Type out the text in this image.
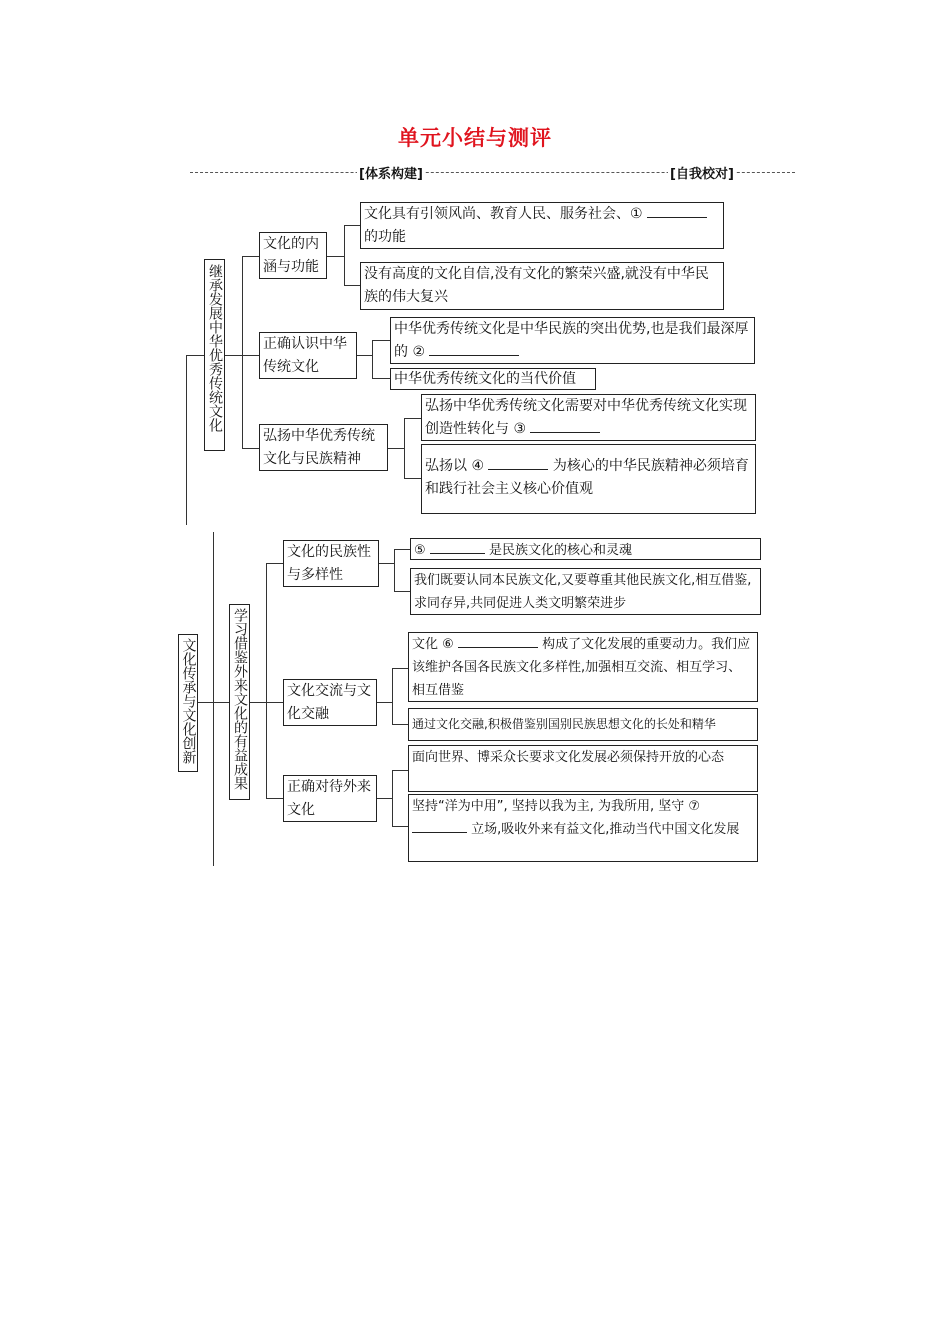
单元小结与测评
[体系构建]	[自我校对]
继承发展中华优秀传统文化
文化的内涵与功能
文化具有引领风尚、教育人民、服务社会、①
的功能
没有高度的文化自信,没有文化的繁荣兴盛,就没有中华民族的伟大复兴
正确认识中华传统文化
中华优秀传统文化是中华民族的突出优势,也是我们最深厚的 ②
中华优秀传统文化的当代价值
弘扬中华优秀传统文化与民族精神
弘扬中华优秀传统文化需要对中华优秀传统文化实现创造性转化与 ③
弘扬以 ④	为核心的中华民族精神必须培育和践行社会主义核心价值观
文化传承与文化创新	学习借鉴外来文化的有益成果
文化的民族性与多样性
⑤	是民族文化的核心和灵魂
我们既要认同本民族文化,又要尊重其他民族文化,相互借鉴,求同存异,共同促进人类文明繁荣进步
文化交流与文化交融
文化 ⑥	构成了文化发展的重要动力。我们应该维护各国各民族文化多样性,加强相互交流、相互学习、相互借鉴
通过文化交融,积极借鉴别国别民族思想文化的长处和精华
正确对待外来文化
面向世界、博采众长要求文化发展必须保持开放的心态
坚持“洋为中用”, 坚持以我为主, 为我所用, 坚守 ⑦  立场,吸收外来有益文化,推动当代中国文化发展
